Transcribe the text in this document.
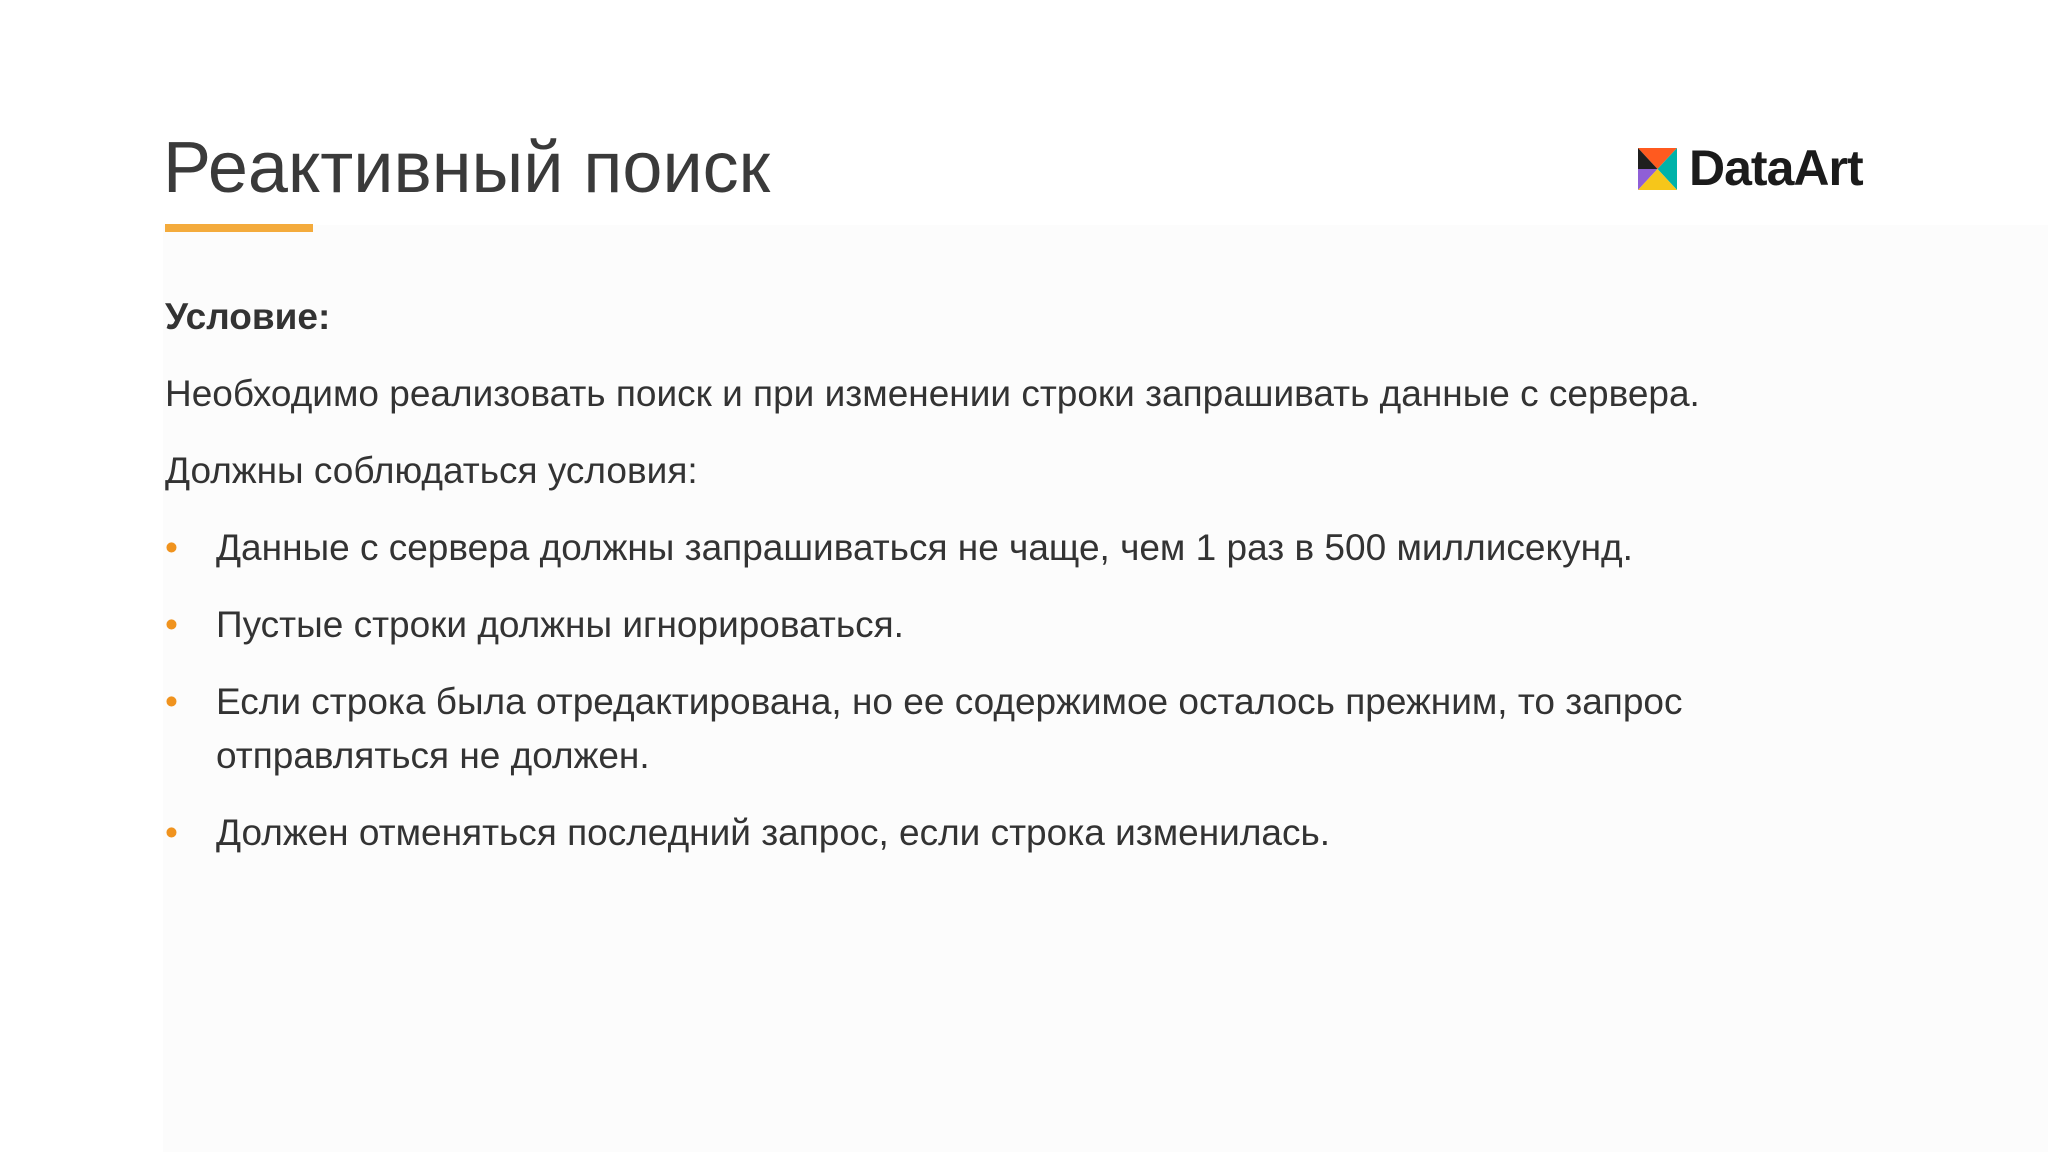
Реактивный поиск	DataArt

Условие:

Необходимо реализовать поиск и при изменении строки запрашивать данные с сервера.

Должны соблюдаться условия:

• Данные с сервера должны запрашиваться не чаще, чем 1 раз в 500 миллисекунд.
• Пустые строки должны игнорироваться.
• Если строка была отредактирована, но ее содержимое осталось прежним, то запрос отправляться не должен.
• Должен отменяться последний запрос, если строка изменилась.
